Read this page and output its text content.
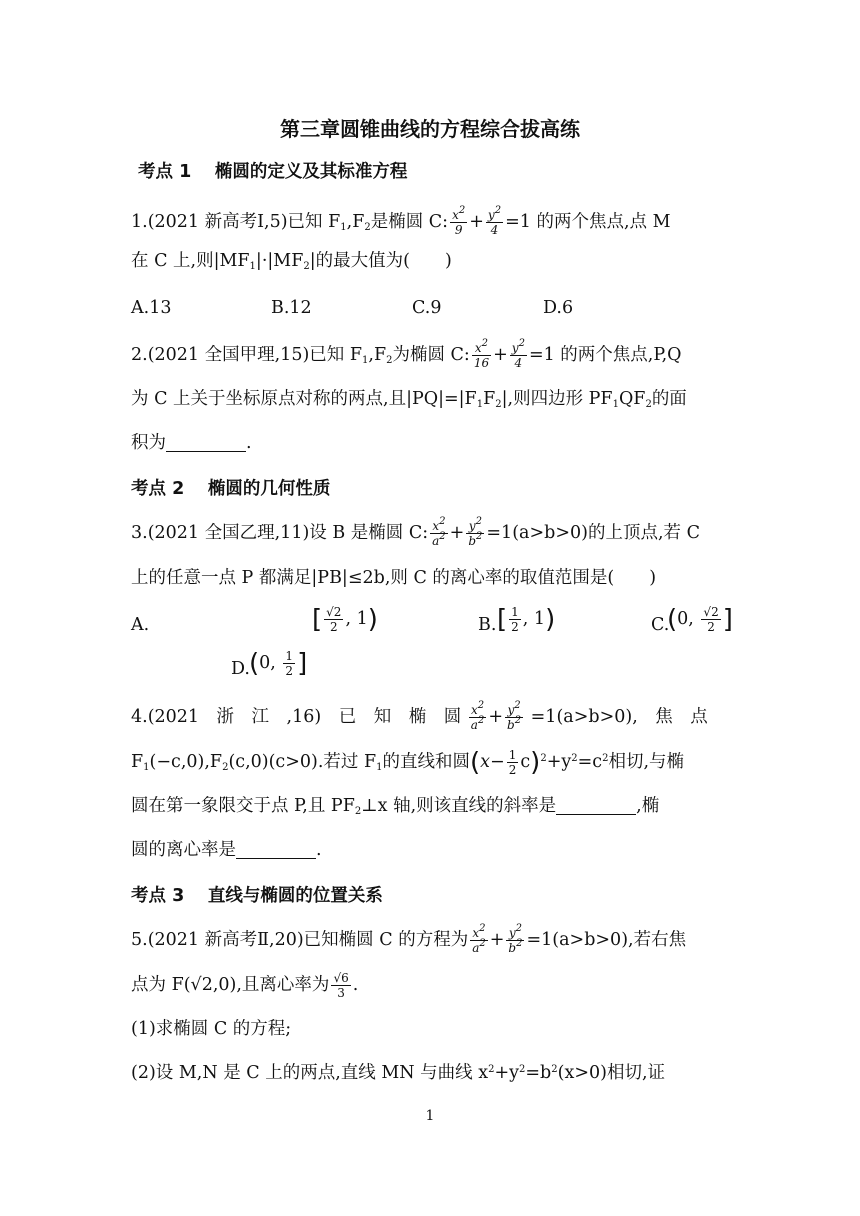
第三章圆锥曲线的方程综合拔高练
考点 1　 椭圆的定义及其标准方程
1.(2021 新高考Ⅰ,5)已知 $F_1,F_2$是椭圆 C: $\frac{x^2}{9} + \frac{y^2}{4} =1$ 的两个焦点,点 M
在 C 上,则$|MF_1|\cdot|MF_2|$的最大值为(　　)
A.13	B.12	C.9	D.6
2.(2021 全国甲理,15)已知 $F_1,F_2$为椭圆 C: $\frac{x^2}{16} + \frac{y^2}{4} =1$ 的两个焦点,P,Q
为 C 上关于坐标原点对称的两点,且$|PQ|=|F_1F_2|$,则四边形 $PF_1QF_2$的面
积为	.
考点 2　 椭圆的几何性质
3.(2021 全国乙理,11)设 B 是椭圆 C: $\frac{x^2}{a^2} + \frac{y^2}{b^2} =1(a>b>0)$的上顶点,若 C
上的任意一点 P 都满足|PB|≤2b,则 C 的离心率的取值范围是(　　)
A.	[ $\frac{√2}{2}$ , 1)	B. [ $\frac{1}{2}$ , 1)	C.
(0, $\frac{√2}{2}$ ]
D. (0, $\frac{1}{2}$ ]
4.(2021　浙　江　,16)　已　知　椭　圆 $\frac{x^2}{a^2} + \frac{y^2}{b^2} =1(a>b>0)$,　焦　点
$F_1(-c,0),F_2(c,0)(c>0)$.若过 $F_1$的直线和圆$(x- \frac{1}{2} c)^2+y^2=c^2$相切,与椭
圆在第一象限交于点 P,且 $PF_2\perp x$ 轴,则该直线的斜率是	,椭
圆的离心率是	.
考点 3　 直线与椭圆的位置关系
5.(2021 新高考Ⅱ,20)已知椭圆 C 的方程为 $\frac{x^2}{a^2} + \frac{y^2}{b^2} =1(a>b>0)$,若右焦
点为 F(√2,0),且离心率为 $\frac{√6}{3}$ .
(1)求椭圆 C 的方程;
(2)设 M,N 是 C 上的两点,直线 MN 与曲线 $x^2+y^2=b^2(x>0)$相切,证
1
